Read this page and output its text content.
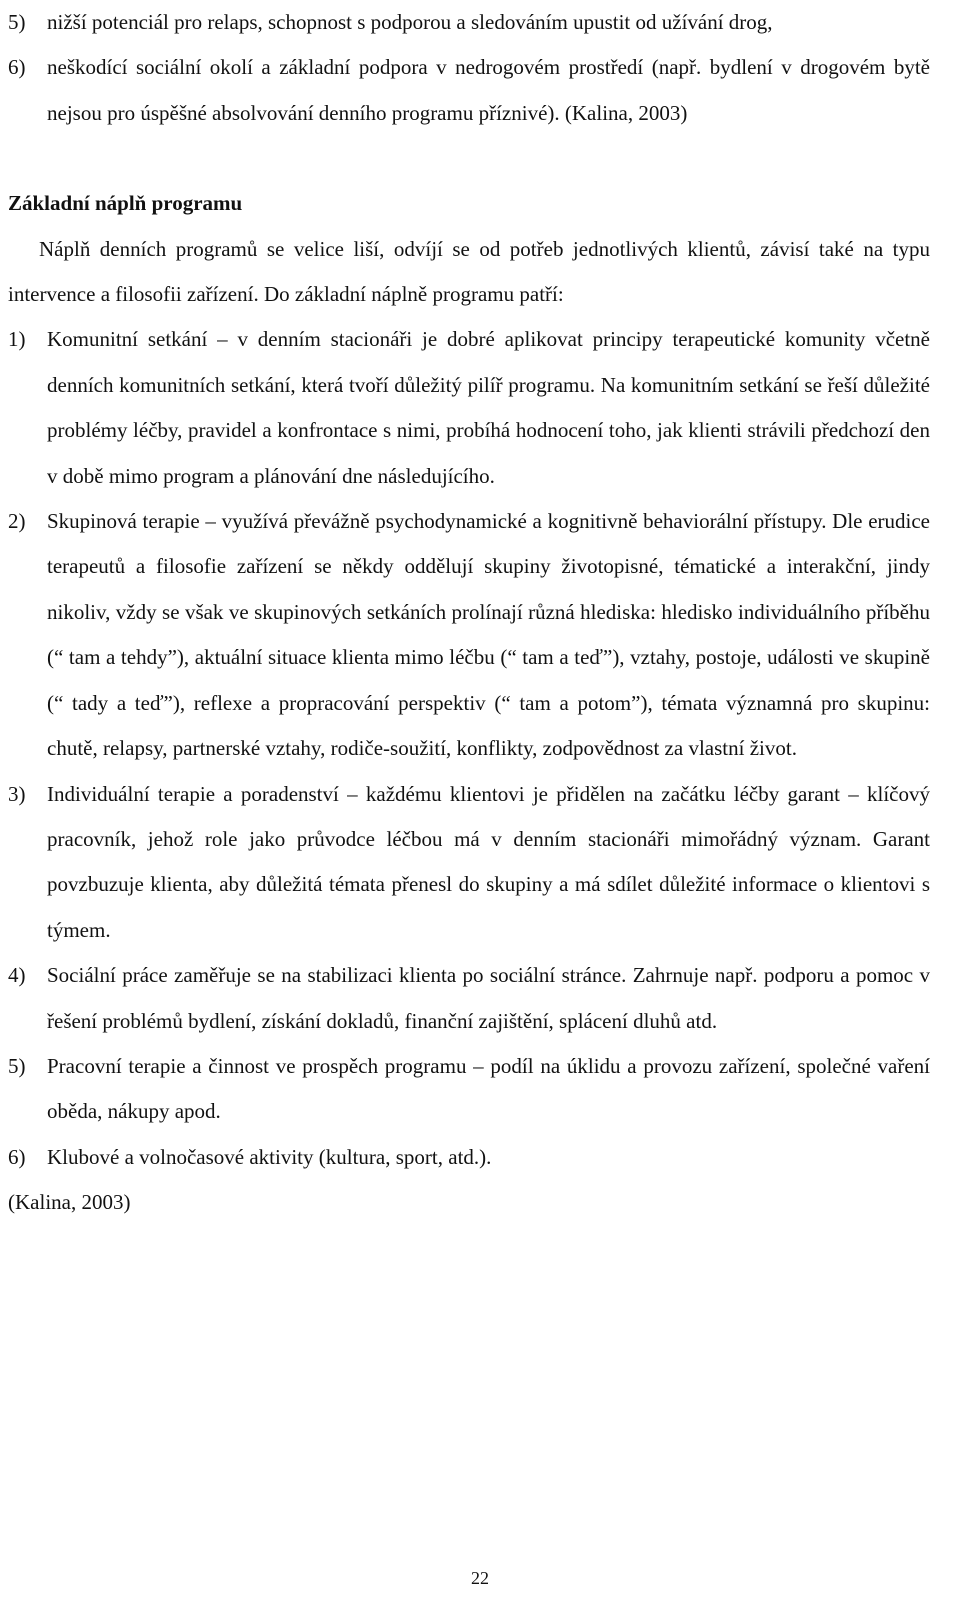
5)	nižší potenciál pro relaps, schopnost s podporou a sledováním upustit od užívání drog,
6)	neškodící sociální okolí a základní podpora v nedrogovém prostředí (např. bydlení v drogovém bytě nejsou pro úspěšné absolvování denního programu příznivé). (Kalina, 2003)

Základní náplň programu

Náplň denních programů se velice liší, odvíjí se od potřeb jednotlivých klientů, závisí také na typu intervence a filosofii zařízení. Do základní náplně programu patří:

1)	Komunitní setkání – v denním stacionáři je dobré aplikovat principy terapeutické komunity včetně denních komunitních setkání, která tvoří důležitý pilíř programu. Na komunitním setkání se řeší důležité problémy léčby, pravidel a konfrontace s nimi, probíhá hodnocení toho, jak klienti strávili předchozí den v době mimo program a plánování dne následujícího.
2)	Skupinová terapie – využívá převážně psychodynamické a kognitivně behaviorální přístupy. Dle erudice terapeutů a filosofie zařízení se někdy oddělují skupiny životopisné, tématické a interakční, jindy nikoliv, vždy se však ve skupinových setkáních prolínají různá hlediska: hledisko individuálního příběhu (“ tam a tehdy”), aktuální situace klienta mimo léčbu (“ tam a teď”), vztahy, postoje, události ve skupině (“ tady a teď”), reflexe a propracování perspektiv (“ tam a potom”), témata významná pro skupinu: chutě, relapsy, partnerské vztahy, rodiče-soužití, konflikty, zodpovědnost za vlastní život.
3)	Individuální terapie a poradenství – každému klientovi je přidělen na začátku léčby garant – klíčový pracovník, jehož role jako průvodce léčbou má v denním stacionáři mimořádný význam. Garant povzbuzuje klienta, aby důležitá témata přenesl do skupiny a má sdílet důležité informace o klientovi s týmem.
4)	Sociální práce zaměřuje se na stabilizaci klienta po sociální stránce. Zahrnuje např. podporu a pomoc v řešení problémů bydlení, získání dokladů, finanční zajištění, splácení dluhů atd.
5)	Pracovní terapie a činnost ve prospěch programu – podíl na úklidu a provozu zařízení, společné vaření oběda, nákupy apod.
6)	Klubové a volnočasové aktivity (kultura, sport, atd.).

(Kalina, 2003)

22
